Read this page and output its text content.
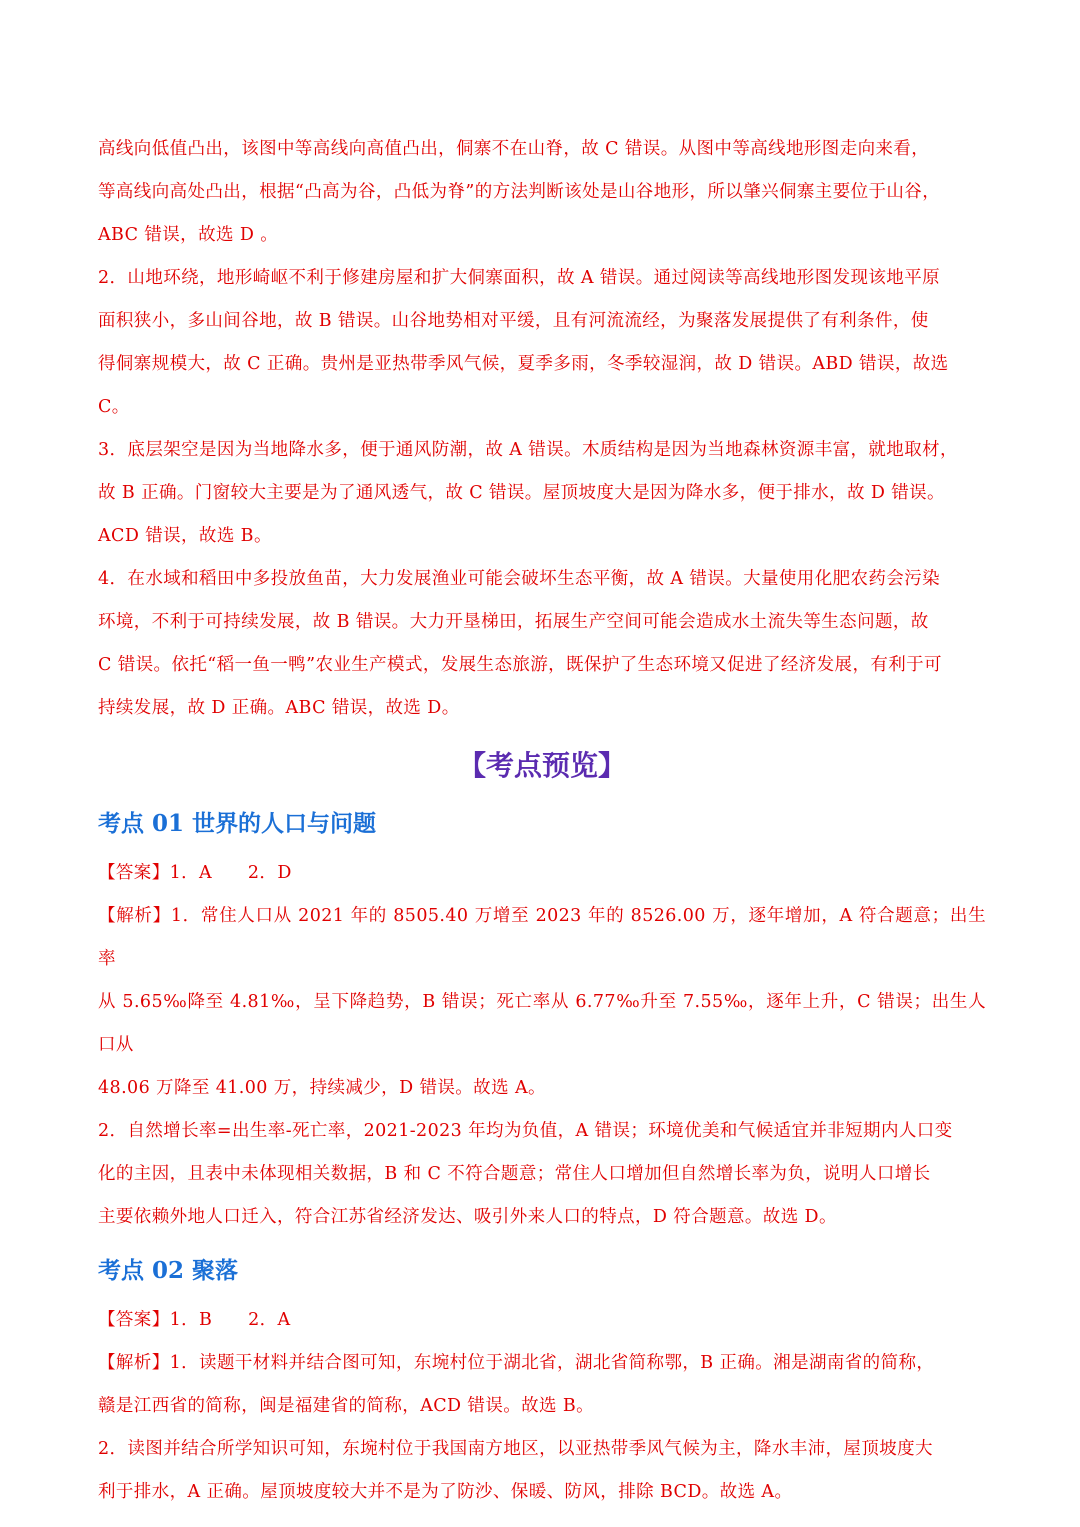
高线向低值凸出，该图中等高线向高值凸出，侗寨不在山脊，故 C 错误。从图中等高线地形图走向来看，

等高线向高处凸出，根据“凸高为谷，凸低为脊”的方法判断该处是山谷地形，所以肇兴侗寨主要位于山谷，

ABC 错误，故选 D 。

2．山地环绕，地形崎岖不利于修建房屋和扩大侗寨面积，故 A 错误。通过阅读等高线地形图发现该地平原

面积狭小，多山间谷地，故 B 错误。山谷地势相对平缓，且有河流流经，为聚落发展提供了有利条件，使

得侗寨规模大，故 C 正确。贵州是亚热带季风气候，夏季多雨，冬季较湿润，故 D 错误。ABD 错误，故选

C。

3．底层架空是因为当地降水多，便于通风防潮，故 A 错误。木质结构是因为当地森林资源丰富，就地取材，

故 B 正确。门窗较大主要是为了通风透气，故 C 错误。屋顶坡度大是因为降水多，便于排水，故 D 错误。

ACD 错误，故选 B。

4．在水域和稻田中多投放鱼苗，大力发展渔业可能会破坏生态平衡，故 A 错误。大量使用化肥农药会污染

环境，不利于可持续发展，故 B 错误。大力开垦梯田，拓展生产空间可能会造成水土流失等生态问题，故

C 错误。依托“稻一鱼一鸭”农业生产模式，发展生态旅游，既保护了生态环境又促进了经济发展，有利于可

持续发展，故 D 正确。ABC 错误，故选 D。

【考点预览】
考点 01 世界的人口与问题

【答案】1．A　　2．D

【解析】1．常住人口从 2021 年的 8505.40 万增至 2023 年的 8526.00 万，逐年增加，A 符合题意；出生率

从 5.65‰降至 4.81‰，呈下降趋势，B 错误；死亡率从 6.77‰升至 7.55‰，逐年上升，C 错误；出生人口从

48.06 万降至 41.00 万，持续减少，D 错误。故选 A。

2．自然增长率=出生率-死亡率，2021-2023 年均为负值，A 错误；环境优美和气候适宜并非短期内人口变

化的主因，且表中未体现相关数据，B 和 C 不符合题意；常住人口增加但自然增长率为负，说明人口增长

主要依赖外地人口迁入，符合江苏省经济发达、吸引外来人口的特点，D 符合题意。故选 D。

考点 02 聚落

【答案】1．B　　2．A

【解析】1．读题干材料并结合图可知，东埦村位于湖北省，湖北省简称鄂，B 正确。湘是湖南省的简称，

赣是江西省的简称，闽是福建省的简称，ACD 错误。故选 B。

2．读图并结合所学知识可知，东埦村位于我国南方地区，以亚热带季风气候为主，降水丰沛，屋顶坡度大

利于排水，A 正确。屋顶坡度较大并不是为了防沙、保暖、防风，排除 BCD。故选 A。
